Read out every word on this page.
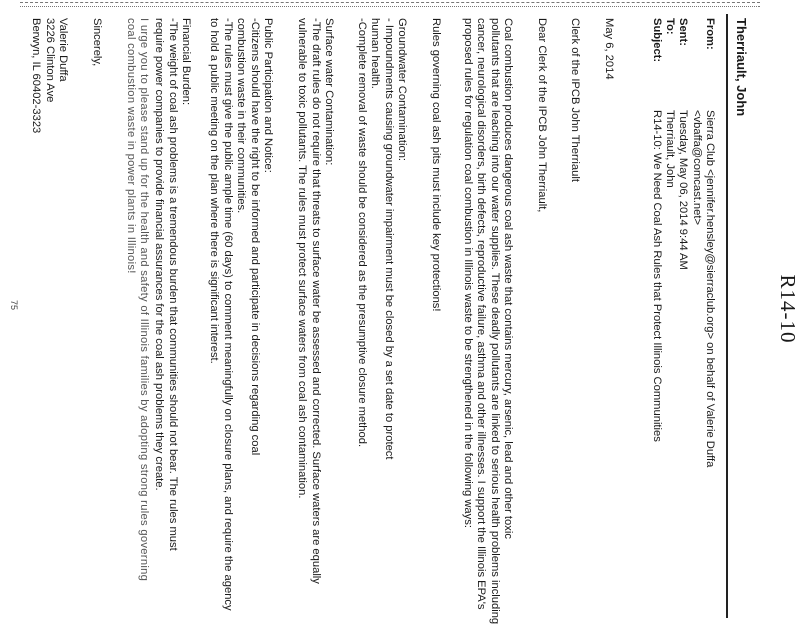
R14-10
Therriault, John
From:
Sierra Club <jennifer.hensley@sierraclub.org> on behalf of Valerie Duffa
<vbaffa@comcast.net>
Sent:
Tuesday, May 06, 2014 9:44 AM
To:
Therriault, John
Subject:
R14-10: We Need Coal Ash Rules that Protect Illinois Communities
May 6, 2014
Clerk of the IPCB John Therriault
Dear Clerk of the IPCB John Therriault,
Coal combustion produces dangerous coal ash waste that contains mercury, arsenic, lead and other toxic
pollutants that are leaching into our water supplies. These deadly pollutants are linked to serious health problems including
cancer, neurological disorders, birth defects, reproductive failure, asthma and other illnesses. I support the Illinois EPA's
proposed rules for regulation coal combustion in Illinois waste to be strengthened in the following ways:
Rules governing coal ash pits must include key protections!
Groundwater Contamination:
- Impoundments causing groundwater impairment must be closed by a set date to protect
human health.
-Complete removal of waste should be considered as the presumptive closure method.
Surface water Contamination:
-The draft rules do not require that threats to surface water be assessed and corrected. Surface waters are equally
vulnerable to toxic pollutants. The rules must protect surface waters from coal ash contamination.
Public Participation and Notice:
-Citizens should have the right to be informed and participate in decisions regarding coal
combustion waste in their communities.
-The rules must give the public ample time (60 days) to comment meaningfully on closure plans, and require the agency
to hold a public meeting on the plan where there is significant interest.
Financial Burden:
-The weight of coal ash problems is a tremendous burden that communities should not bear. The rules must
require power companies to provide financial assurances for the coal ash problems they create.
I urge you to please stand up for the health and safety of Illinois families by adopting strong rules governing
coal combustion waste in power plants in Illinois!
Sincerely,
Valerie Duffa
3226 Clinton Ave
Berwyn, IL 60402-3323
75
